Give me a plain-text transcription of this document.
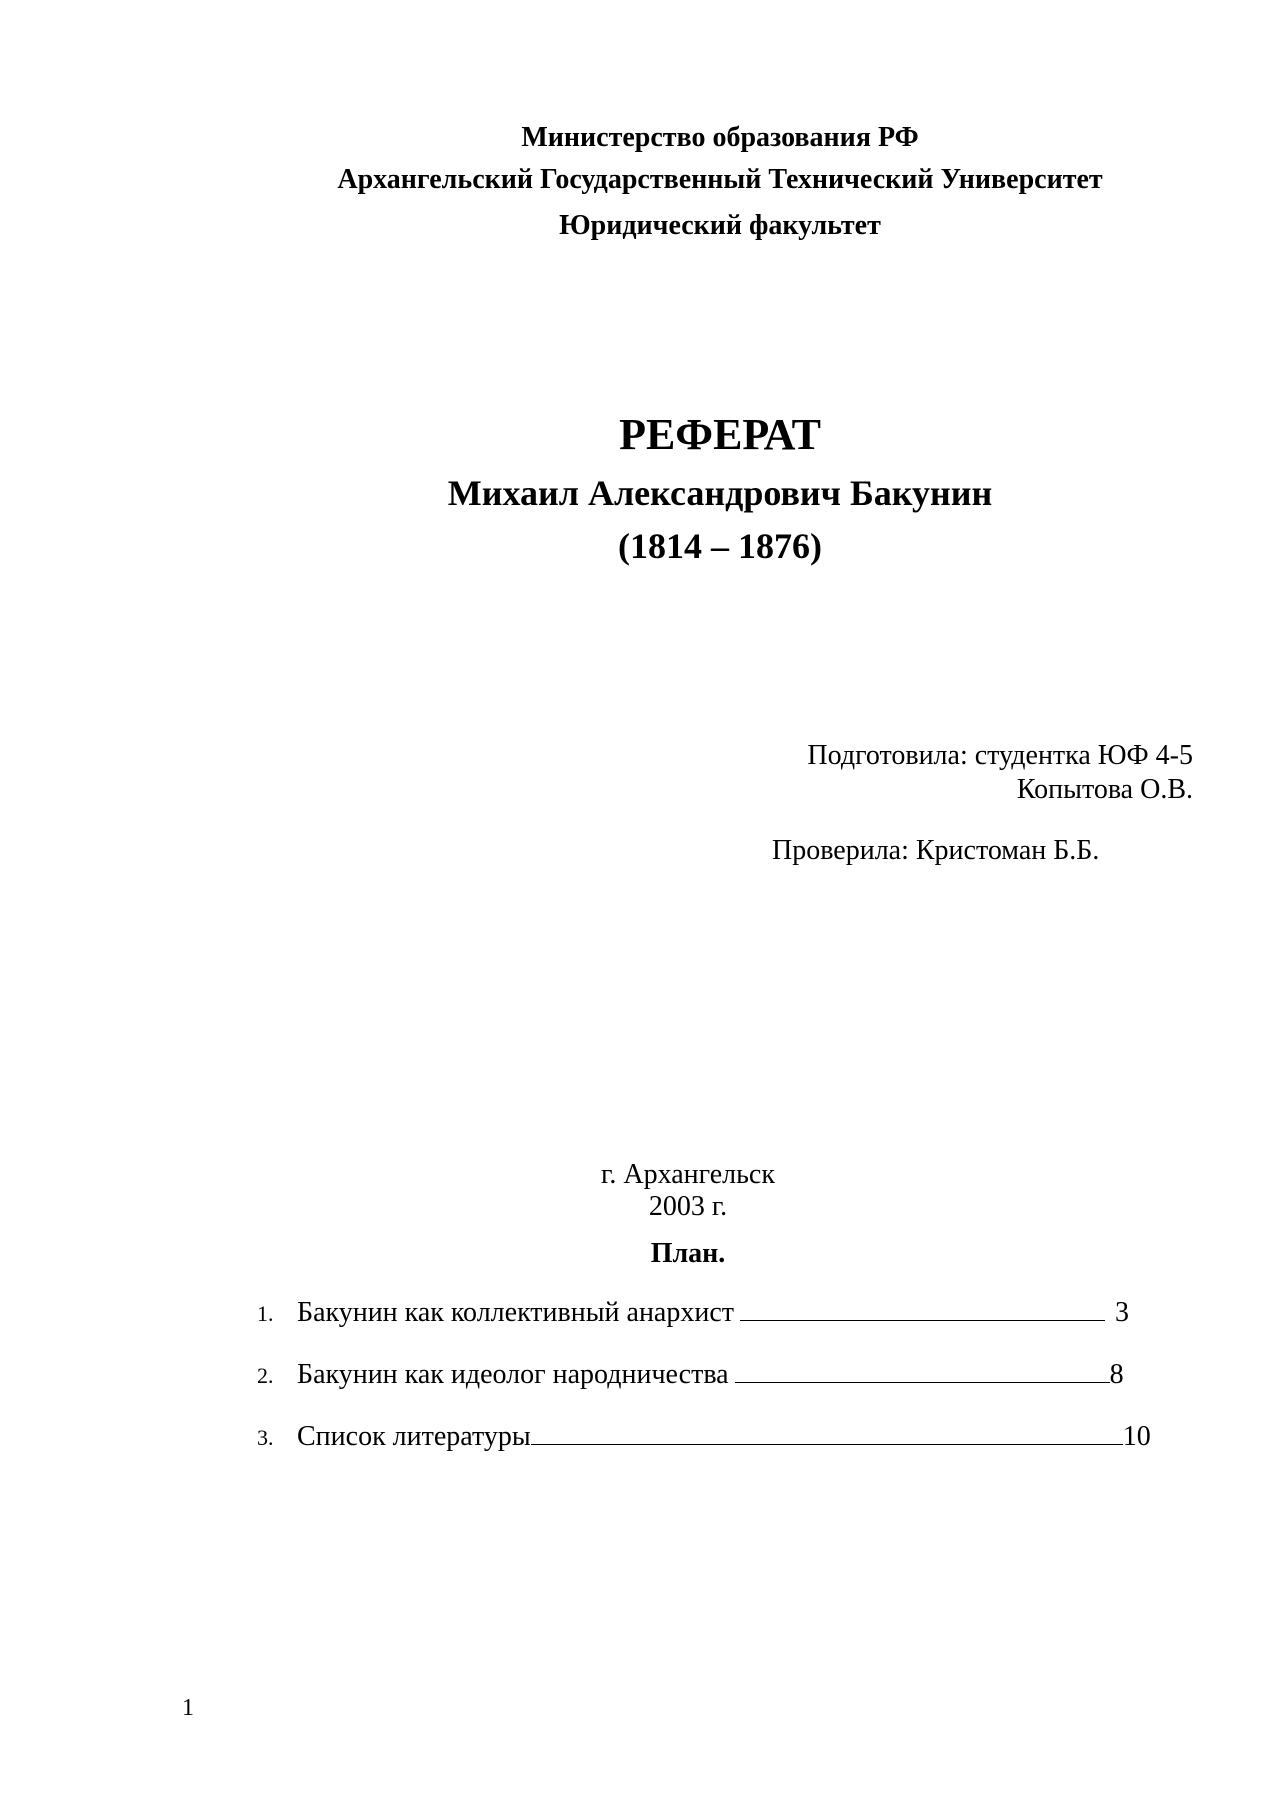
Министерство образования РФ
Архангельский Государственный Технический Университет
Юридический факультет
РЕФЕРАТ
Михаил Александрович Бакунин
(1814 – 1876)
Подготовила: студентка ЮФ 4-5
Копытова О.В.
Проверила: Кристоман Б.Б.
г. Архангельск
2003 г.
План.
1. Бакунин как коллективный анархист	3
2. Бакунин как идеолог народничества	8
3. Список литературы	10
1
